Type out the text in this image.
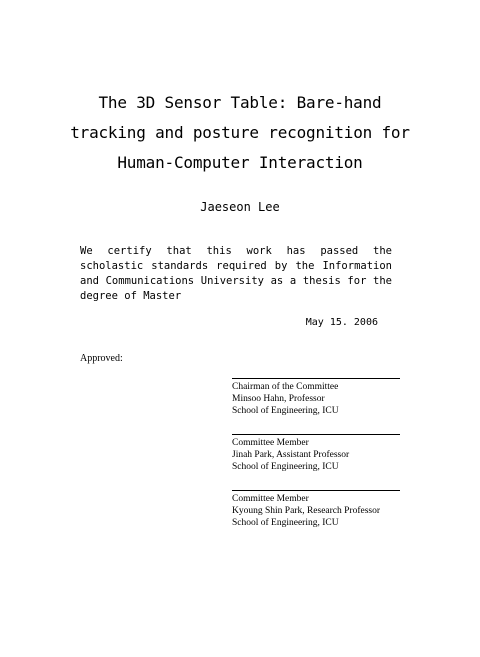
The 3D Sensor Table: Bare-hand
tracking and posture recognition for
Human-Computer Interaction
Jaeseon Lee
We certify that this work has passed the scholastic standards required by the Information and Communications University as a thesis for the degree of Master
May 15. 2006
Approved:
Chairman of the Committee
Minsoo Hahn, Professor
School of Engineering, ICU
Committee Member
Jinah Park, Assistant Professor
School of Engineering, ICU
Committee Member
Kyoung Shin Park, Research Professor
School of Engineering, ICU
